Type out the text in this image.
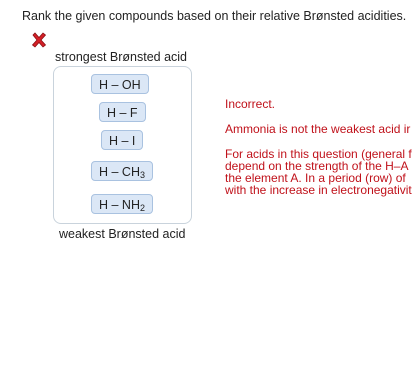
Rank the given compounds based on their relative Brønsted acidities.
strongest Brønsted acid
H – OH
H – F
H – I
H – $CH_3$
H – $NH_2$
weakest Brønsted acid
Incorrect.
Ammonia is not the weakest acid ir
For acids in this question (general f
depend on the strength of the H–A
the element A. In a period (row) of
with the increase in electronegativit
